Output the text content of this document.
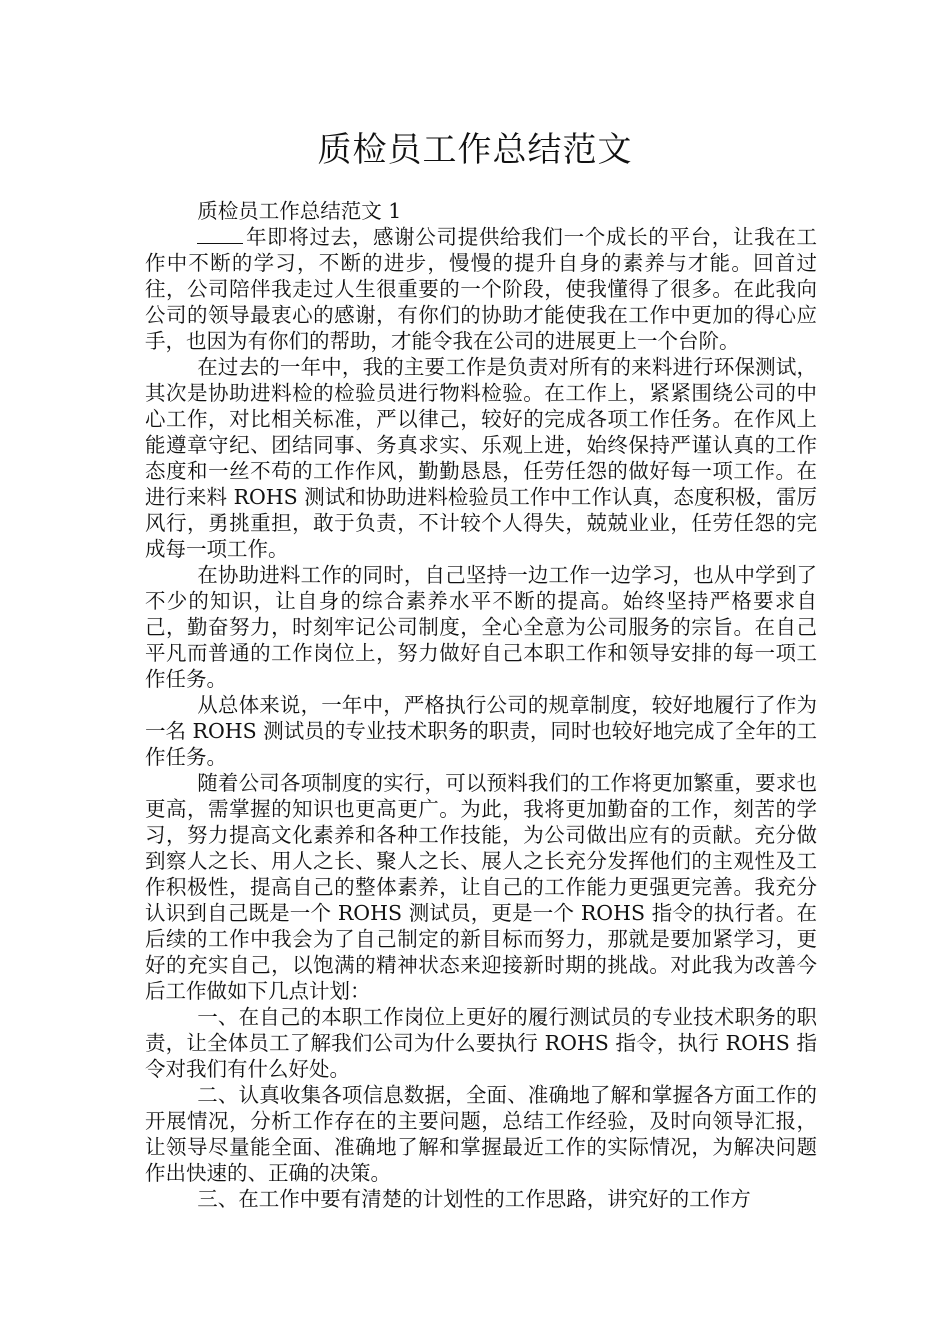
质检员工作总结范文

质检员工作总结范文 1

年即将过去，感谢公司提供给我们一个成长的平台，让我在工作中不断的学习，不断的进步，慢慢的提升自身的素养与才能。回首过往，公司陪伴我走过人生很重要的一个阶段，使我懂得了很多。在此我向公司的领导最衷心的感谢，有你们的协助才能使我在工作中更加的得心应手，也因为有你们的帮助，才能令我在公司的进展更上一个台阶。

在过去的一年中，我的主要工作是负责对所有的来料进行环保测试，其次是协助进料检的检验员进行物料检验。在工作上，紧紧围绕公司的中心工作，对比相关标准，严以律己，较好的完成各项工作任务。在作风上能遵章守纪、团结同事、务真求实、乐观上进，始终保持严谨认真的工作态度和一丝不苟的工作作风，勤勤恳恳，任劳任怨的做好每一项工作。在进行来料 ROHS 测试和协助进料检验员工作中工作认真，态度积极，雷厉风行，勇挑重担，敢于负责，不计较个人得失，兢兢业业，任劳任怨的完成每一项工作。

在协助进料工作的同时，自己坚持一边工作一边学习，也从中学到了不少的知识，让自身的综合素养水平不断的提高。始终坚持严格要求自己，勤奋努力，时刻牢记公司制度，全心全意为公司服务的宗旨。在自己平凡而普通的工作岗位上，努力做好自己本职工作和领导安排的每一项工作任务。

从总体来说，一年中，严格执行公司的规章制度，较好地履行了作为一名 ROHS 测试员的专业技术职务的职责，同时也较好地完成了全年的工作任务。

随着公司各项制度的实行，可以预料我们的工作将更加繁重，要求也更高，需掌握的知识也更高更广。为此，我将更加勤奋的工作，刻苦的学习，努力提高文化素养和各种工作技能，为公司做出应有的贡献。充分做到察人之长、用人之长、聚人之长、展人之长充分发挥他们的主观性及工作积极性，提高自己的整体素养，让自己的工作能力更强更完善。我充分认识到自己既是一个 ROHS 测试员，更是一个 ROHS 指令的执行者。在后续的工作中我会为了自己制定的新目标而努力，那就是要加紧学习，更好的充实自己，以饱满的精神状态来迎接新时期的挑战。对此我为改善今后工作做如下几点计划：

一、在自己的本职工作岗位上更好的履行测试员的专业技术职务的职责，让全体员工了解我们公司为什么要执行 ROHS 指令，执行 ROHS 指令对我们有什么好处。

二、认真收集各项信息数据，全面、准确地了解和掌握各方面工作的开展情况，分析工作存在的主要问题，总结工作经验，及时向领导汇报，让领导尽量能全面、准确地了解和掌握最近工作的实际情况，为解决问题作出快速的、正确的决策。

三、在工作中要有清楚的计划性的工作思路，讲究好的工作方
